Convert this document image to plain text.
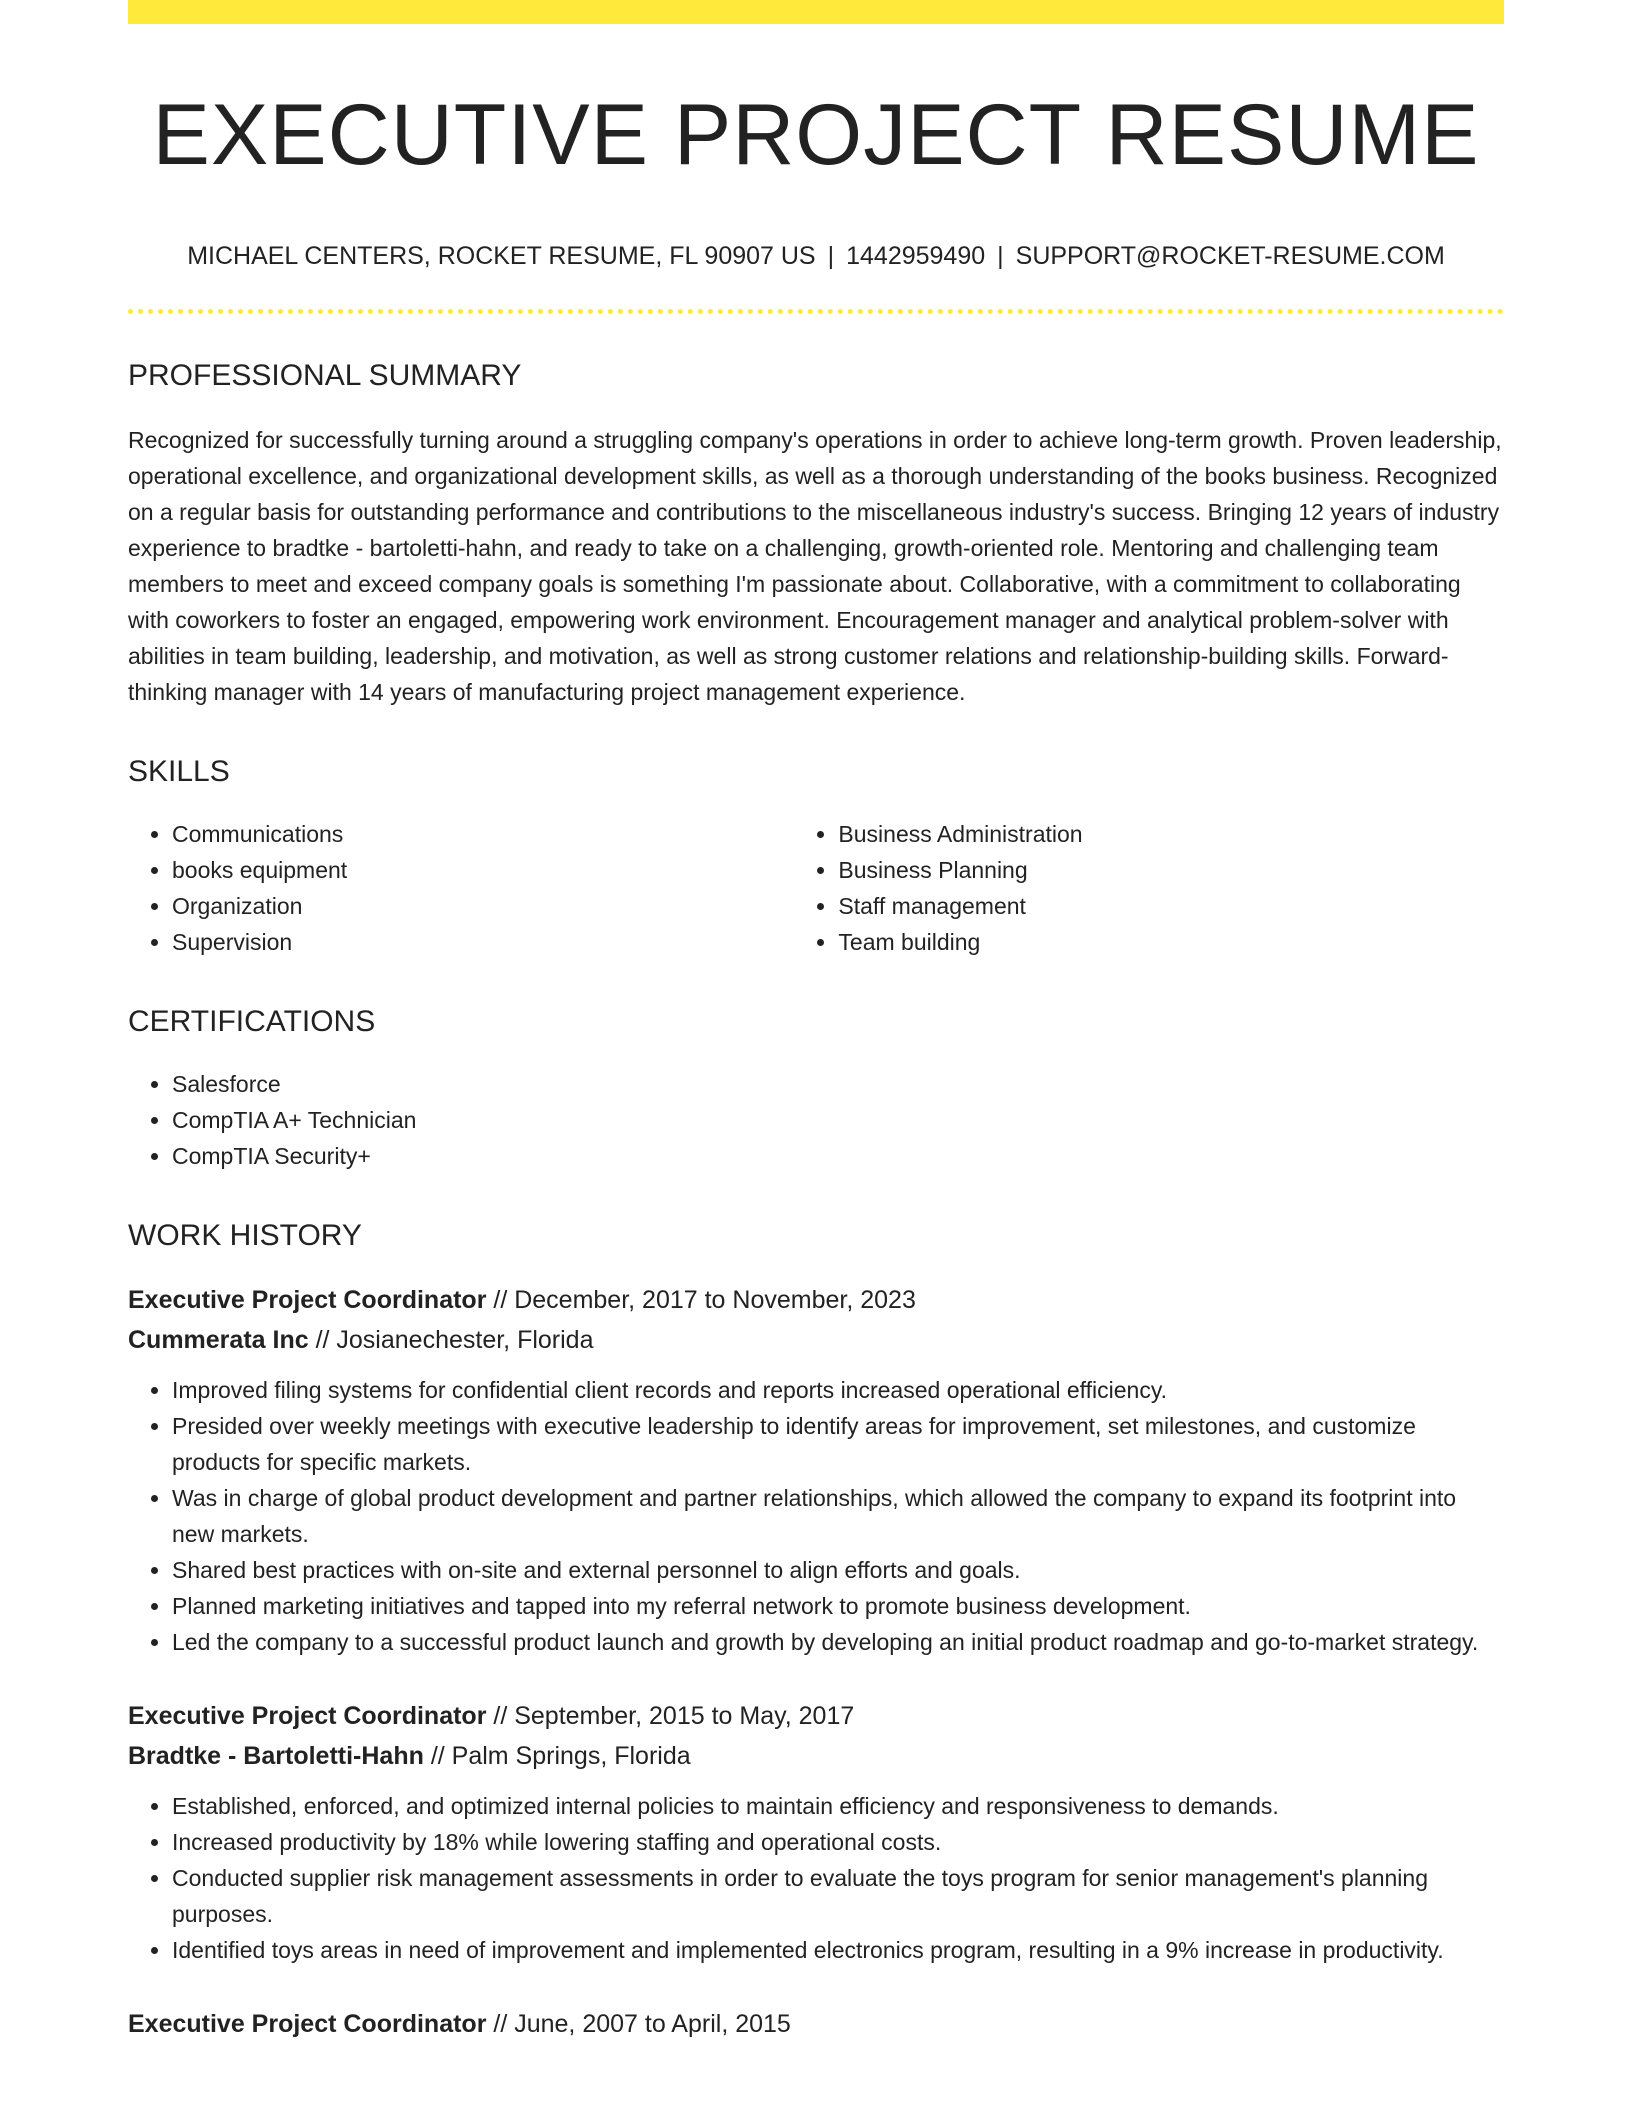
EXECUTIVE PROJECT RESUME
MICHAEL CENTERS, ROCKET RESUME, FL 90907 US | 1442959490 | SUPPORT@ROCKET-RESUME.COM
PROFESSIONAL SUMMARY

Recognized for successfully turning around a struggling company's operations in order to achieve long-term growth. Proven leadership, operational excellence, and organizational development skills, as well as a thorough understanding of the books business. Recognized on a regular basis for outstanding performance and contributions to the miscellaneous industry's success. Bringing 12 years of industry experience to bradtke - bartoletti-hahn, and ready to take on a challenging, growth-oriented role. Mentoring and challenging team members to meet and exceed company goals is something I'm passionate about. Collaborative, with a commitment to collaborating with coworkers to foster an engaged, empowering work environment. Encouragement manager and analytical problem-solver with abilities in team building, leadership, and motivation, as well as strong customer relations and relationship-building skills. Forward-thinking manager with 14 years of manufacturing project management experience.

SKILLS
• Communications
• books equipment
• Organization
• Supervision
• Business Administration
• Business Planning
• Staff management
• Team building
CERTIFICATIONS
• Salesforce
• CompTIA A+ Technician
• CompTIA Security+
WORK HISTORY
Executive Project Coordinator // December, 2017 to November, 2023
Cummerata Inc // Josianechester, Florida
• Improved filing systems for confidential client records and reports increased operational efficiency.
• Presided over weekly meetings with executive leadership to identify areas for improvement, set milestones, and customize products for specific markets.
• Was in charge of global product development and partner relationships, which allowed the company to expand its footprint into new markets.
• Shared best practices with on-site and external personnel to align efforts and goals.
• Planned marketing initiatives and tapped into my referral network to promote business development.
• Led the company to a successful product launch and growth by developing an initial product roadmap and go-to-market strategy.
Executive Project Coordinator // September, 2015 to May, 2017
Bradtke - Bartoletti-Hahn // Palm Springs, Florida
• Established, enforced, and optimized internal policies to maintain efficiency and responsiveness to demands.
• Increased productivity by 18% while lowering staffing and operational costs.
• Conducted supplier risk management assessments in order to evaluate the toys program for senior management's planning purposes.
• Identified toys areas in need of improvement and implemented electronics program, resulting in a 9% increase in productivity.
Executive Project Coordinator // June, 2007 to April, 2015
